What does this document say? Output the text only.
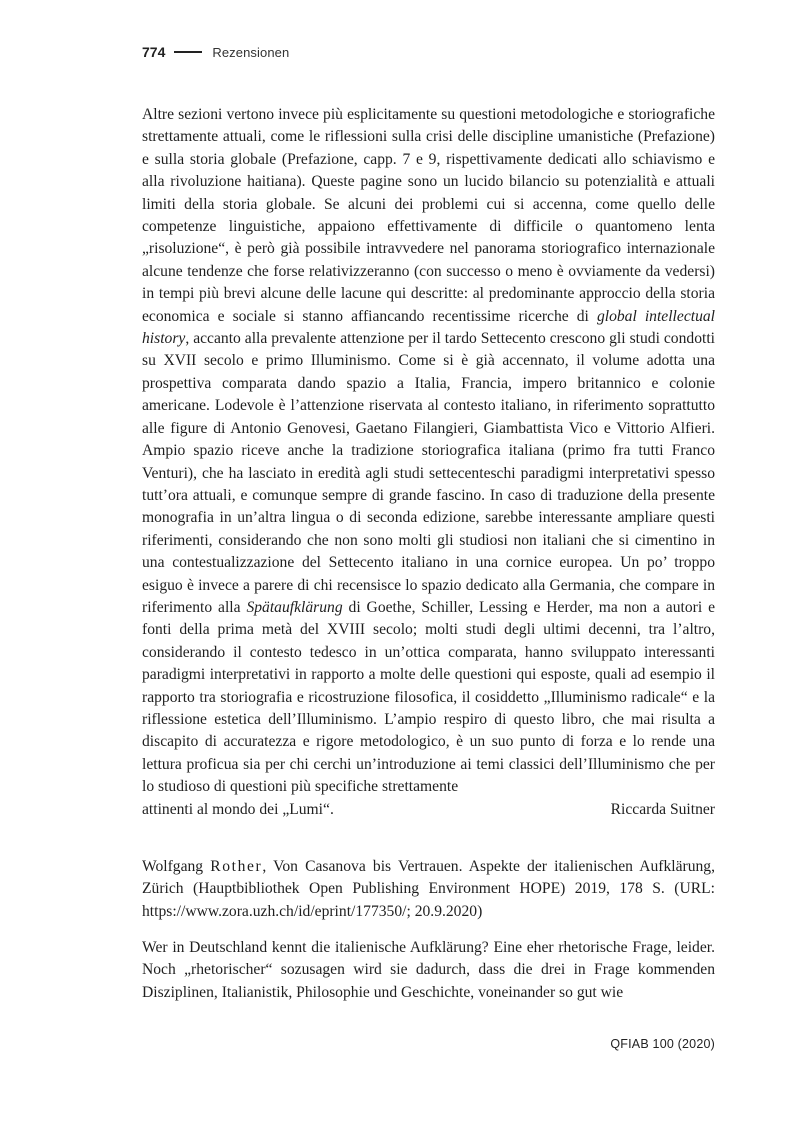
774	Rezensionen

Altre sezioni vertono invece più esplicitamente su questioni metodologiche e storiografiche strettamente attuali, come le riflessioni sulla crisi delle discipline umanistiche (Prefazione) e sulla storia globale (Prefazione, capp. 7 e 9, rispettivamente dedicati allo schiavismo e alla rivoluzione haitiana). Queste pagine sono un lucido bilancio su potenzialità e attuali limiti della storia globale. Se alcuni dei problemi cui si accenna, come quello delle competenze linguistiche, appaiono effettivamente di difficile o quantomeno lenta „risoluzione“, è però già possibile intravvedere nel panorama storiografico internazionale alcune tendenze che forse relativizzeranno (con successo o meno è ovviamente da vedersi) in tempi più brevi alcune delle lacune qui descritte: al predominante approccio della storia economica e sociale si stanno affiancando recentissime ricerche di global intellectual history, accanto alla prevalente attenzione per il tardo Settecento crescono gli studi condotti su XVII secolo e primo Illuminismo. Come si è già accennato, il volume adotta una prospettiva comparata dando spazio a Italia, Francia, impero britannico e colonie americane. Lodevole è l’attenzione riservata al contesto italiano, in riferimento soprattutto alle figure di Antonio Genovesi, Gaetano Filangieri, Giambattista Vico e Vittorio Alfieri. Ampio spazio riceve anche la tradizione storiografica italiana (primo fra tutti Franco Venturi), che ha lasciato in eredità agli studi settecenteschi paradigmi interpretativi spesso tutt’ora attuali, e comunque sempre di grande fascino. In caso di traduzione della presente monografia in un’altra lingua o di seconda edizione, sarebbe interessante ampliare questi riferimenti, considerando che non sono molti gli studiosi non italiani che si cimentino in una contestualizzazione del Settecento italiano in una cornice europea. Un po’ troppo esiguo è invece a parere di chi recensisce lo spazio dedicato alla Germania, che compare in riferimento alla Spätaufklärung di Goethe, Schiller, Lessing e Herder, ma non a autori e fonti della prima metà del XVIII secolo; molti studi degli ultimi decenni, tra l’altro, considerando il contesto tedesco in un’ottica comparata, hanno sviluppato interessanti paradigmi interpretativi in rapporto a molte delle questioni qui esposte, quali ad esempio il rapporto tra storiografia e ricostruzione filosofica, il cosiddetto „Illuminismo radicale“ e la riflessione estetica dell’Illuminismo. L’ampio respiro di questo libro, che mai risulta a discapito di accuratezza e rigore metodologico, è un suo punto di forza e lo rende una lettura proficua sia per chi cerchi un’introduzione ai temi classici dell’Illuminismo che per lo studioso di questioni più specifiche strettamente

attinenti al mondo dei „Lumi“.	Riccarda Suitner
Wolfgang Rother, Von Casanova bis Vertrauen. Aspekte der italienischen Aufklärung, Zürich (Hauptbibliothek Open Publishing Environment HOPE) 2019, 178 S. (URL: https://www.zora.uzh.ch/id/eprint/177350/; 20.9.2020)

Wer in Deutschland kennt die italienische Aufklärung? Eine eher rhetorische Frage, leider. Noch „rhetorischer“ sozusagen wird sie dadurch, dass die drei in Frage kommenden Disziplinen, Italianistik, Philosophie und Geschichte, voneinander so gut wie

QFIAB 100 (2020)
